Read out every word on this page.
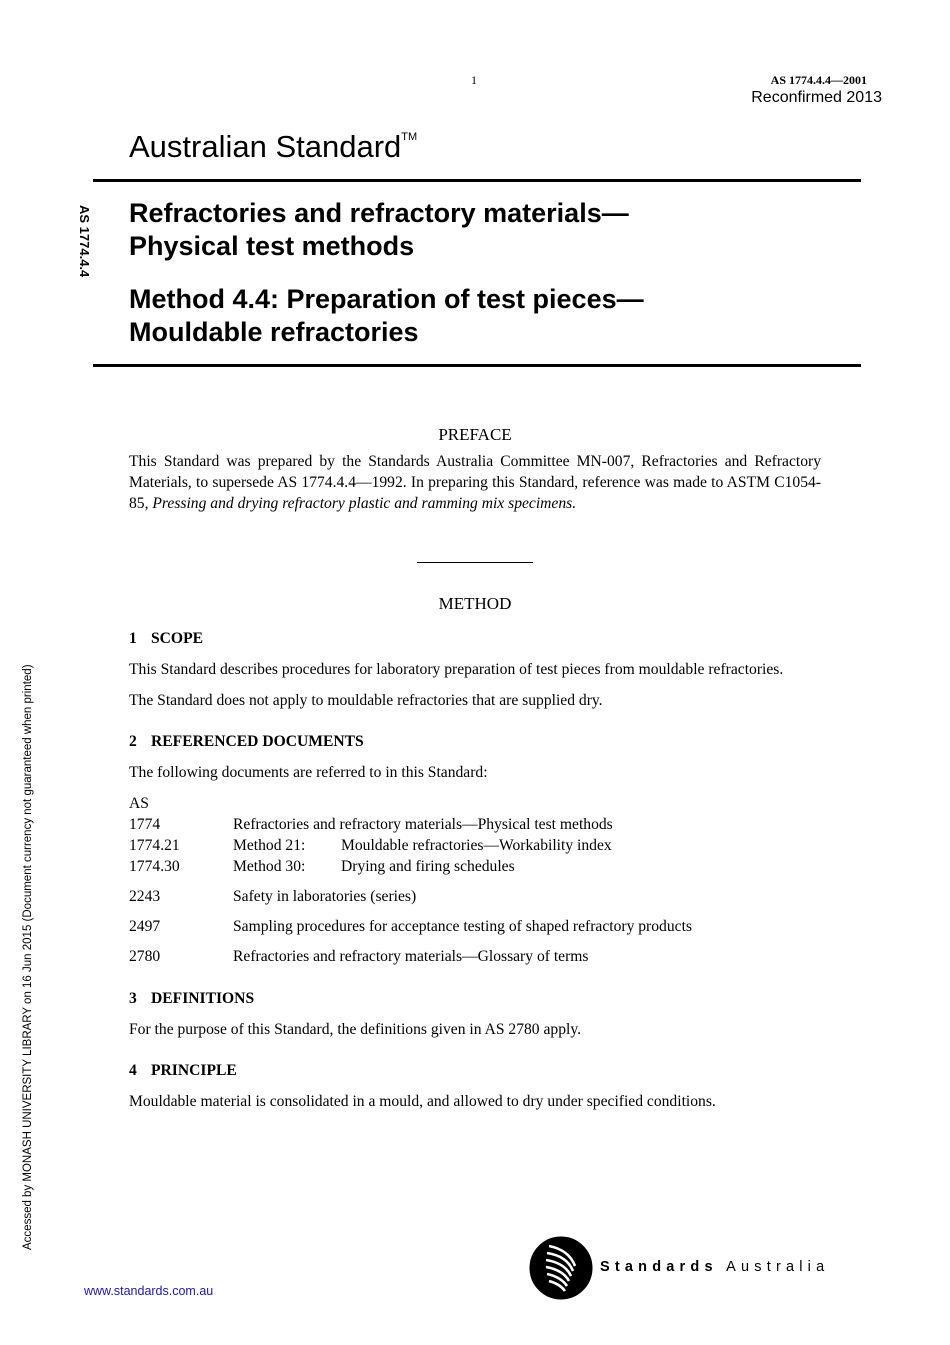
1	AS 1774.4.4—2001
Reconfirmed 2013
Australian Standard™
AS 1774.4.4
Accessed by MONASH UNIVERSITY LIBRARY on 16 Jun 2015 (Document currency not guaranteed when printed)
Refractories and refractory materials—
Physical test methods
Method 4.4: Preparation of test pieces—
Mouldable refractories
PREFACE

This Standard was prepared by the Standards Australia Committee MN-007, Refractories and Refractory Materials, to supersede AS 1774.4.4—1992. In preparing this Standard, reference was made to ASTM C1054-85, Pressing and drying refractory plastic and ramming mix specimens.

METHOD
1 SCOPE

This Standard describes procedures for laboratory preparation of test pieces from mouldable refractories.

The Standard does not apply to mouldable refractories that are supplied dry.

2 REFERENCED DOCUMENTS

The following documents are referred to in this Standard:

AS
1774	Refractories and refractory materials—Physical test methods
1774.21	Method 21: Mouldable refractories—Workability index
1774.30	Method 30: Drying and firing schedules
2243	Safety in laboratories (series)
2497	Sampling procedures for acceptance testing of shaped refractory products
2780	Refractories and refractory materials—Glossary of terms
3 DEFINITIONS

For the purpose of this Standard, the definitions given in AS 2780 apply.

4 PRINCIPLE

Mouldable material is consolidated in a mould, and allowed to dry under specified conditions.

www.standards.com.au
Standards Australia
